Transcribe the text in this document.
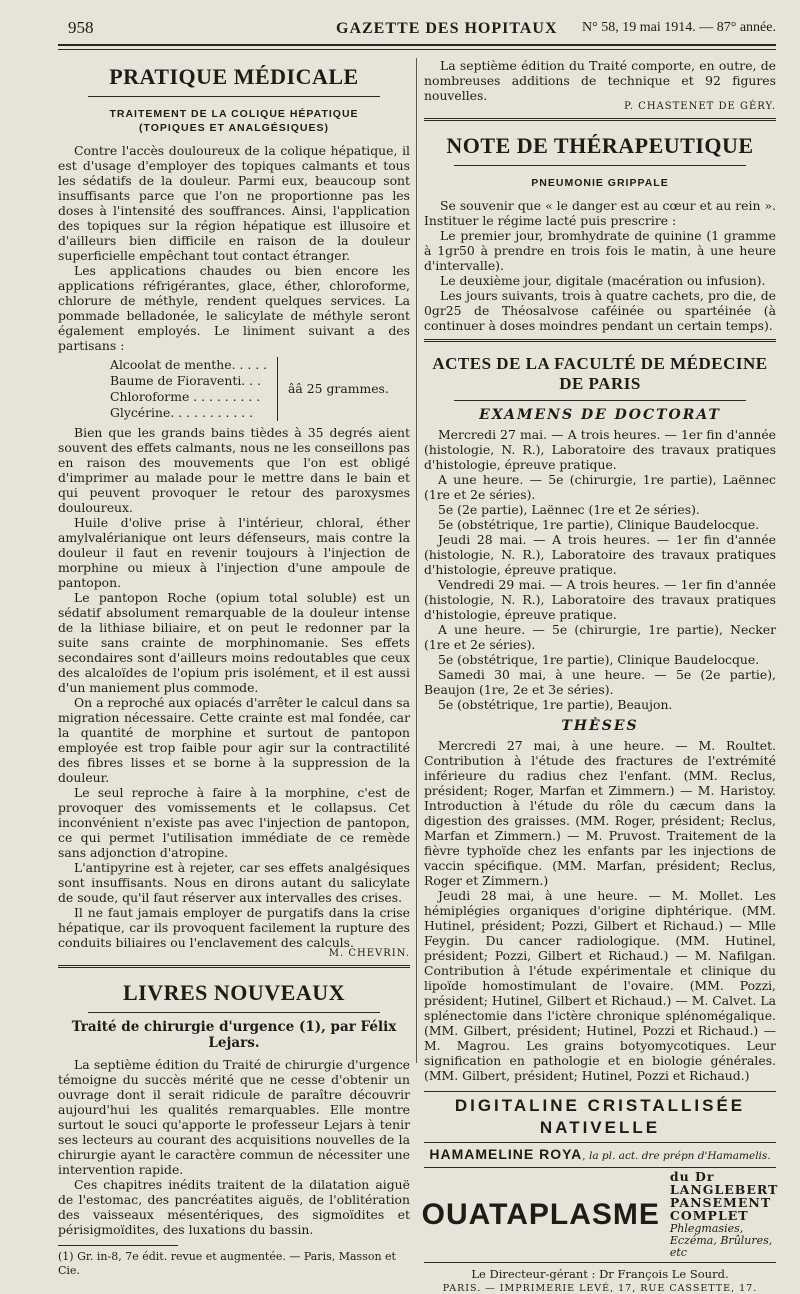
958	GAZETTE DES HOPITAUX N° 58, 19 mai 1914. — 87° année.
PRATIQUE MÉDICALE
TRAITEMENT DE LA COLIQUE HÉPATIQUE
(TOPIQUES ET ANALGÉSIQUES)

Contre l'accès douloureux de la colique hépatique, il est d'usage d'employer des topiques calmants et tous les sédatifs de la douleur. Parmi eux, beaucoup sont insuffisants parce que l'on ne proportionne pas les doses à l'intensité des souffrances. Ainsi, l'application des topiques sur la région hépatique est illusoire et d'ailleurs bien difficile en raison de la douleur superficielle empêchant tout contact étranger.

Les applications chaudes ou bien encore les applications réfrigérantes, glace, éther, chloroforme, chlorure de méthyle, rendent quelques services. La pommade belladonée, le salicylate de méthyle seront également employés. Le liniment suivant a des partisans :

Alcoolat de menthe. . . . .		ââ 25 grammes.
Baume de Fioraventi. . .
Chloroforme . . . . . . . . .
Glycérine. . . . . . . . . . .

Bien que les grands bains tièdes à 35 degrés aient souvent des effets calmants, nous ne les conseillons pas en raison des mouvements que l'on est obligé d'imprimer au malade pour le mettre dans le bain et qui peuvent provoquer le retour des paroxysmes douloureux.

Huile d'olive prise à l'intérieur, chloral, éther amylvalérianique ont leurs défenseurs, mais contre la douleur il faut en revenir toujours à l'injection de morphine ou mieux à l'injection d'une ampoule de pantopon.

Le pantopon Roche (opium total soluble) est un sédatif absolument remarquable de la douleur intense de la lithiase biliaire, et on peut le redonner par la suite sans crainte de morphinomanie. Ses effets secondaires sont d'ailleurs moins redoutables que ceux des alcaloïdes de l'opium pris isolément, et il est aussi d'un maniement plus commode.

On a reproché aux opiacés d'arrêter le calcul dans sa migration nécessaire. Cette crainte est mal fondée, car la quantité de morphine et surtout de pantopon employée est trop faible pour agir sur la contractilité des fibres lisses et se borne à la suppression de la douleur.

Le seul reproche à faire à la morphine, c'est de provoquer des vomissements et le collapsus. Cet inconvénient n'existe pas avec l'injection de pantopon, ce qui permet l'utilisation immédiate de ce remède sans adjonction d'atropine.

L'antipyrine est à rejeter, car ses effets analgésiques sont insuffisants. Nous en dirons autant du salicylate de soude, qu'il faut réserver aux intervalles des crises.

Il ne faut jamais employer de purgatifs dans la crise hépatique, car ils provoquent facilement la rupture des conduits biliaires ou l'enclavement des calculs.

M. CHEVRIN.
LIVRES NOUVEAUX
Traité de chirurgie d'urgence (1), par Félix Lejars.

La septième édition du Traité de chirurgie d'urgence témoigne du succès mérité que ne cesse d'obtenir un ouvrage dont il serait ridicule de paraître découvrir aujourd'hui les qualités remarquables. Elle montre surtout le souci qu'apporte le professeur Lejars à tenir ses lecteurs au courant des acquisitions nouvelles de la chirurgie ayant le caractère commun de nécessiter une intervention rapide.

Ces chapitres inédits traitent de la dilatation aiguë de l'estomac, des pancréatites aiguës, de l'oblitération des vaisseaux mésentériques, des sigmoïdites et périsigmoïdites, des luxations du bassin.

(1) Gr. in-8, 7e édit. revue et augmentée. — Paris, Masson et Cie.

La septième édition du Traité comporte, en outre, de nombreuses additions de technique et 92 figures nouvelles.

P. CHASTENET DE GÉRY.
NOTE DE THÉRAPEUTIQUE
PNEUMONIE GRIPPALE

Se souvenir que « le danger est au cœur et au rein ». Instituer le régime lacté puis prescrire :

Le premier jour, bromhydrate de quinine (1 gramme à 1gr50 à prendre en trois fois le matin, à une heure d'intervalle).

Le deuxième jour, digitale (macération ou infusion).

Les jours suivants, trois à quatre cachets, pro die, de 0gr25 de Théosalvose caféinée ou spartéinée (à continuer à doses moindres pendant un certain temps).

ACTES DE LA FACULTÉ DE MÉDECINE DE PARIS
EXAMENS DE DOCTORAT

Mercredi 27 mai. — A trois heures. — 1er fin d'année (histologie, N. R.), Laboratoire des travaux pratiques d'histologie, épreuve pratique.

A une heure. — 5e (chirurgie, 1re partie), Laënnec (1re et 2e séries).

5e (2e partie), Laënnec (1re et 2e séries).

5e (obstétrique, 1re partie), Clinique Baudelocque.

Jeudi 28 mai. — A trois heures. — 1er fin d'année (histologie, N. R.), Laboratoire des travaux pratiques d'histologie, épreuve pratique.

Vendredi 29 mai. — A trois heures. — 1er fin d'année (histologie, N. R.), Laboratoire des travaux pratiques d'histologie, épreuve pratique.

A une heure. — 5e (chirurgie, 1re partie), Necker (1re et 2e séries).

5e (obstétrique, 1re partie), Clinique Baudelocque.

Samedi 30 mai, à une heure. — 5e (2e partie), Beaujon (1re, 2e et 3e séries).

5e (obstétrique, 1re partie), Beaujon.

THÈSES

Mercredi 27 mai, à une heure. — M. Roultet. Contribution à l'étude des fractures de l'extrémité inférieure du radius chez l'enfant. (MM. Reclus, président; Roger, Marfan et Zimmern.) — M. Haristoy. Introduction à l'étude du rôle du cæcum dans la digestion des graisses. (MM. Roger, président; Reclus, Marfan et Zimmern.) — M. Pruvost. Traitement de la fièvre typhoïde chez les enfants par les injections de vaccin spécifique. (MM. Marfan, président; Reclus, Roger et Zimmern.)

Jeudi 28 mai, à une heure. — M. Mollet. Les hémiplégies organiques d'origine diphtérique. (MM. Hutinel, président; Pozzi, Gilbert et Richaud.) — Mlle Feygin. Du cancer radiologique. (MM. Hutinel, président; Pozzi, Gilbert et Richaud.) — M. Nafilgan. Contribution à l'étude expérimentale et clinique du lipoïde homostimulant de l'ovaire. (MM. Pozzi, président; Hutinel, Gilbert et Richaud.) — M. Calvet. La splénectomie dans l'ictère chronique splénomégalique. (MM. Gilbert, président; Hutinel, Pozzi et Richaud.) — M. Magrou. Les grains botyomycotiques. Leur signification en pathologie et en biologie générales. (MM. Gilbert, président; Hutinel, Pozzi et Richaud.)

DIGITALINE CRISTALLISÉE NATIVELLE
HAMAMELINE ROYA, la pl. act. dre prépn d'Hamamelis.
OUATAPLASME
du Dr LANGLEBERT
PANSEMENT COMPLET
Phlegmasies, Eczéma, Brûlures, etc
Le Directeur-gérant : Dr François Le Sourd.
PARIS. — IMPRIMERIE LEVÉ, 17, RUE CASSETTE, 17.
